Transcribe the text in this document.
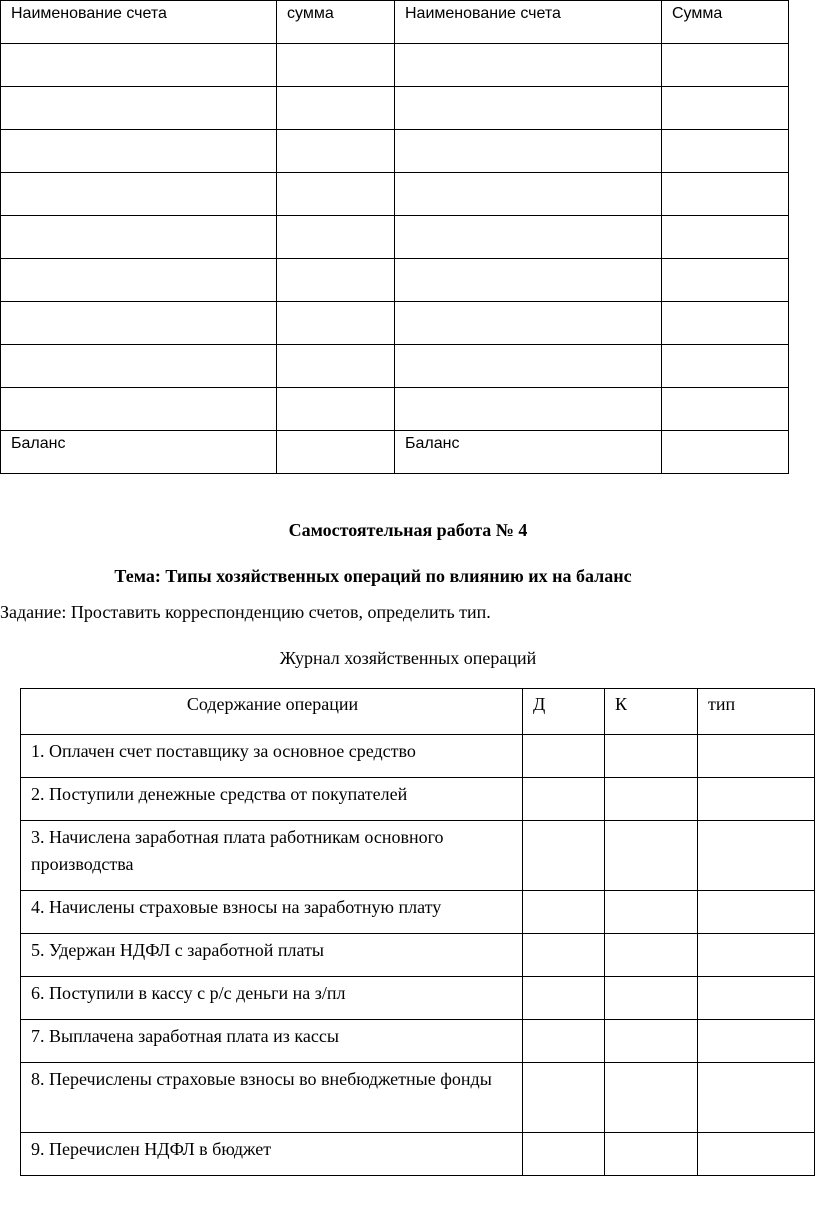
Наименование счета	сумма	Наименование счета	Сумма

Баланс		Баланс	

Самостоятельная работа № 4
Тема: Типы хозяйственных операций по влиянию их на баланс
Задание: Проставить корреспонденцию счетов, определить тип.
Журнал хозяйственных операций
Содержание операции	Д	К	тип

1. Оплачен счет поставщику за основное средство			

2. Поступили денежные средства от покупателей			

3. Начислена заработная плата работникам основного производства			

4. Начислены страховые взносы на заработную плату			

5. Удержан НДФЛ с заработной платы			

6. Поступили в кассу с р/с деньги на з/пл			

7. Выплачена заработная плата из кассы			

8. Перечислены страховые взносы во внебюджетные фонды			

9. Перечислен НДФЛ в бюджет			
